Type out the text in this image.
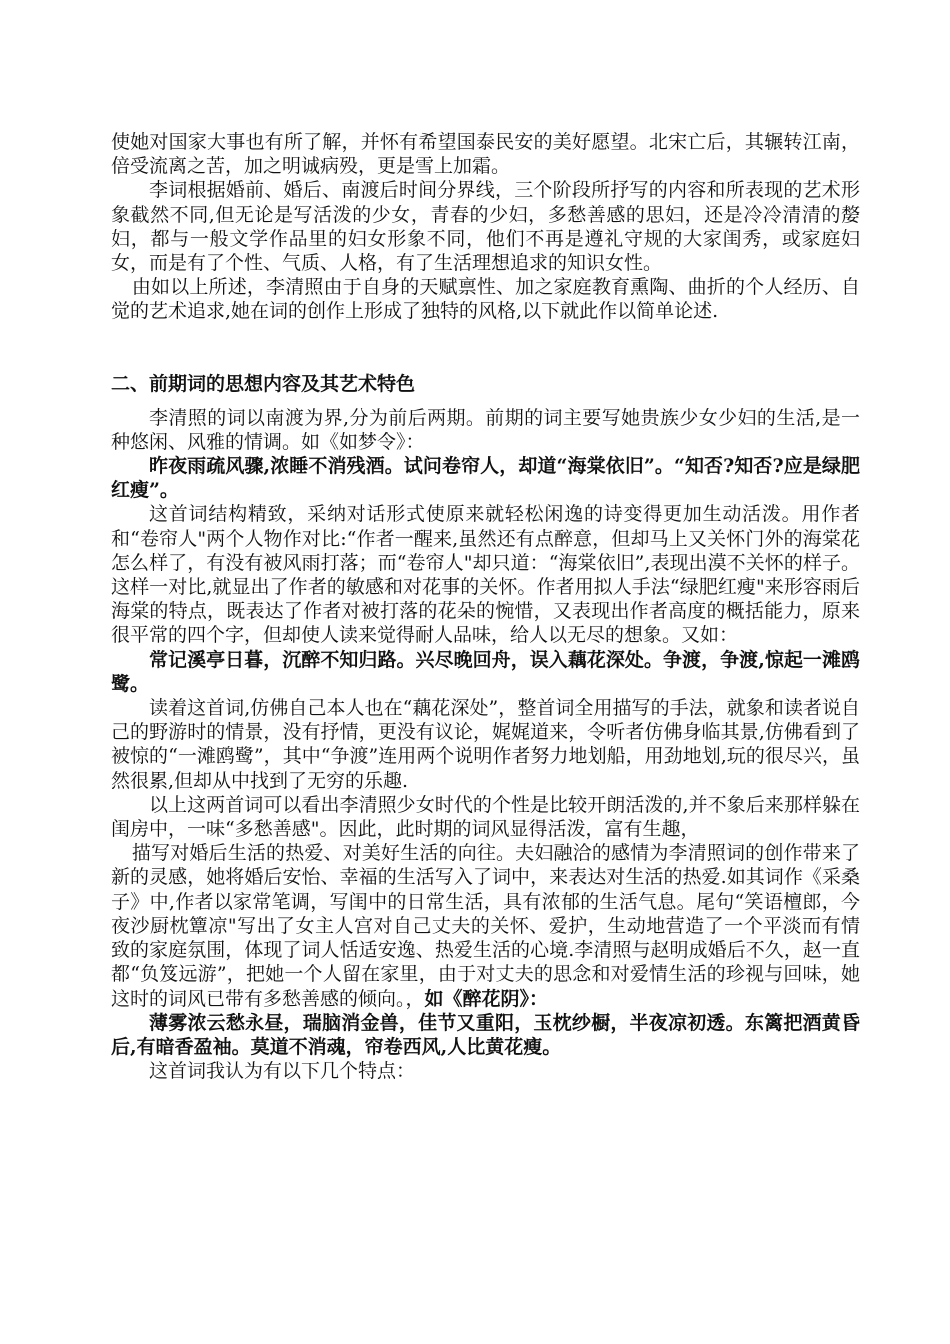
使她对国家大事也有所了解，并怀有希望国泰民安的美好愿望。北宋亡后，其辗转江南，倍受流离之苦，加之明诚病殁，更是雪上加霜。

李词根据婚前、婚后、南渡后时间分界线，三个阶段所抒写的内容和所表现的艺术形象截然不同,但无论是写活泼的少女，青春的少妇，多愁善感的思妇，还是冷冷清清的嫠妇，都与一般文学作品里的妇女形象不同，他们不再是遵礼守规的大家闺秀，或家庭妇女，而是有了个性、气质、人格，有了生活理想追求的知识女性。

由如以上所述，李清照由于自身的天赋禀性、加之家庭教育熏陶、曲折的个人经历、自觉的艺术追求,她在词的创作上形成了独特的风格,以下就此作以简单论述.

二、前期词的思想内容及其艺术特色

李清照的词以南渡为界,分为前后两期。前期的词主要写她贵族少女少妇的生活,是一种悠闲、风雅的情调。如《如梦令》：

昨夜雨疏风骤,浓睡不消残酒。试问卷帘人，却道“海棠依旧”。“知否?知否?应是绿肥红瘦”。

这首词结构精致，采纳对话形式使原来就轻松闲逸的诗变得更加生动活泼。用作者和“卷帘人"两个人物作对比:“作者一醒来,虽然还有点醉意，但却马上又关怀门外的海棠花怎么样了，有没有被风雨打落；而“卷帘人"却只道：“海棠依旧”,表现出漠不关怀的样子。这样一对比,就显出了作者的敏感和对花事的关怀。作者用拟人手法“绿肥红瘦"来形容雨后海棠的特点，既表达了作者对被打落的花朵的惋惜，又表现出作者高度的概括能力，原来很平常的四个字，但却使人读来觉得耐人品味，给人以无尽的想象。又如：

常记溪亭日暮，沉醉不知归路。兴尽晚回舟，误入藕花深处。争渡，争渡,惊起一滩鸥鹭。

读着这首词,仿佛自己本人也在“藕花深处”，整首词全用描写的手法，就象和读者说自己的野游时的情景，没有抒情，更没有议论，娓娓道来，令听者仿佛身临其景,仿佛看到了被惊的“一滩鸥鹭”，其中“争渡”连用两个说明作者努力地划船，用劲地划,玩的很尽兴，虽然很累,但却从中找到了无穷的乐趣.

以上这两首词可以看出李清照少女时代的个性是比较开朗活泼的,并不象后来那样躲在闺房中，一味“多愁善感"。因此，此时期的词风显得活泼，富有生趣，

描写对婚后生活的热爱、对美好生活的向往。夫妇融洽的感情为李清照词的创作带来了新的灵感，她将婚后安怡、幸福的生活写入了词中，来表达对生活的热爱.如其词作《采桑子》中,作者以家常笔调，写闺中的日常生活，具有浓郁的生活气息。尾句“笑语檀郎，今夜沙厨枕簟凉"写出了女主人宫对自己丈夫的关怀、爱护，生动地营造了一个平淡而有情致的家庭氛围，体现了词人恬适安逸、热爱生活的心境.李清照与赵明成婚后不久，赵一直都“负笈远游”，把她一个人留在家里，由于对丈夫的思念和对爱情生活的珍视与回味，她这时的词风已带有多愁善感的倾向。，如《醉花阴》：

薄雾浓云愁永昼，瑞脑消金兽，佳节又重阳，玉枕纱橱，半夜凉初透。东篱把酒黄昏后,有暗香盈袖。莫道不消魂，帘卷西风,人比黄花瘦。

这首词我认为有以下几个特点：
